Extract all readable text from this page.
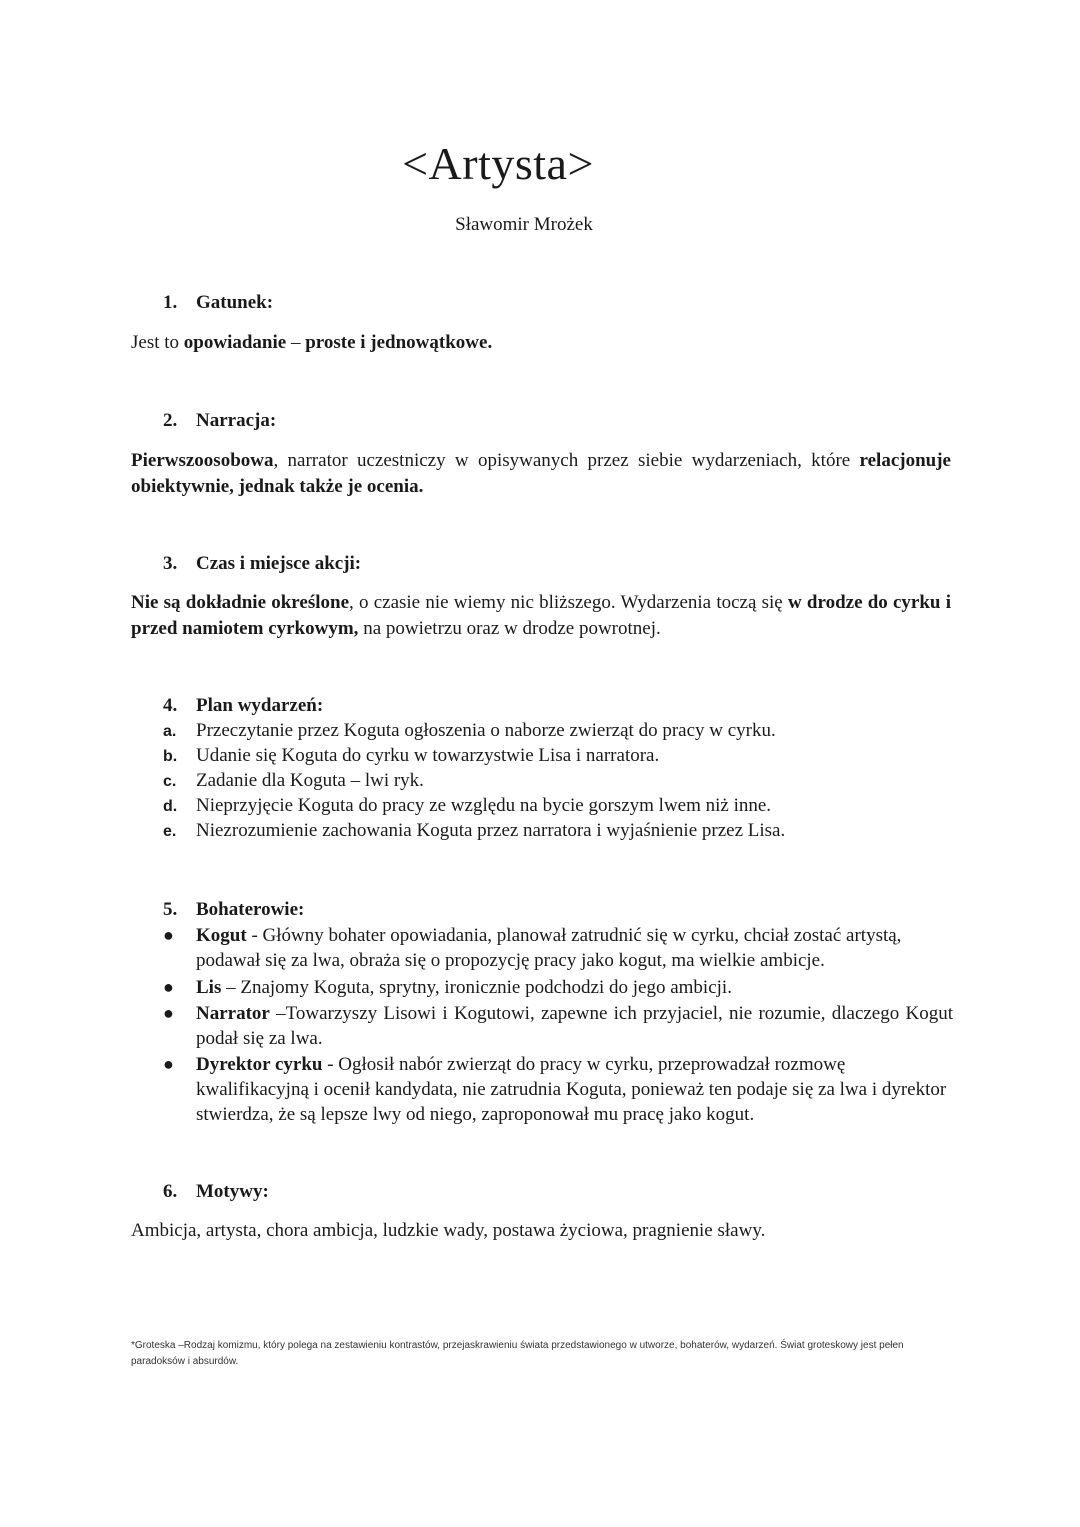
<Artysta>
Sławomir Mrożek
1. Gatunek:
Jest to opowiadanie – proste i jednowątkowe.
2. Narracja:
Pierwszoosobowa, narrator uczestniczy w opisywanych przez siebie wydarzeniach, które relacjonuje obiektywnie, jednak także je ocenia.
3. Czas i miejsce akcji:
Nie są dokładnie określone, o czasie nie wiemy nic bliższego. Wydarzenia toczą się w drodze do cyrku i przed namiotem cyrkowym, na powietrzu oraz w drodze powrotnej.
4. Plan wydarzeń:
a. Przeczytanie przez Koguta ogłoszenia o naborze zwierząt do pracy w cyrku.
b. Udanie się Koguta do cyrku w towarzystwie Lisa i narratora.
c. Zadanie dla Koguta – lwi ryk.
d. Nieprzyjęcie Koguta do pracy ze względu na bycie gorszym lwem niż inne.
e. Niezrozumienie zachowania Koguta przez narratora i wyjaśnienie przez Lisa.
5. Bohaterowie:
●	Kogut - Główny bohater opowiadania, planował zatrudnić się w cyrku, chciał zostać artystą, podawał się za lwa, obraża się o propozycję pracy jako kogut, ma wielkie ambicje.
●	Lis – Znajomy Koguta, sprytny, ironicznie podchodzi do jego ambicji.
●	Narrator –Towarzyszy Lisowi i Kogutowi, zapewne ich przyjaciel, nie rozumie, dlaczego Kogut podał się za lwa.
●	Dyrektor cyrku - Ogłosił nabór zwierząt do pracy w cyrku, przeprowadzał rozmowę kwalifikacyjną i ocenił kandydata, nie zatrudnia Koguta, ponieważ ten podaje się za lwa i dyrektor stwierdza, że są lepsze lwy od niego, zaproponował mu pracę jako kogut.
6. Motywy:
Ambicja, artysta, chora ambicja, ludzkie wady, postawa życiowa, pragnienie sławy.
*Groteska –Rodzaj komizmu, który polega na zestawieniu kontrastów, przejaskrawieniu świata przedstawionego w utworze, bohaterów, wydarzeń. Świat groteskowy jest pełen paradoksów i absurdów.
